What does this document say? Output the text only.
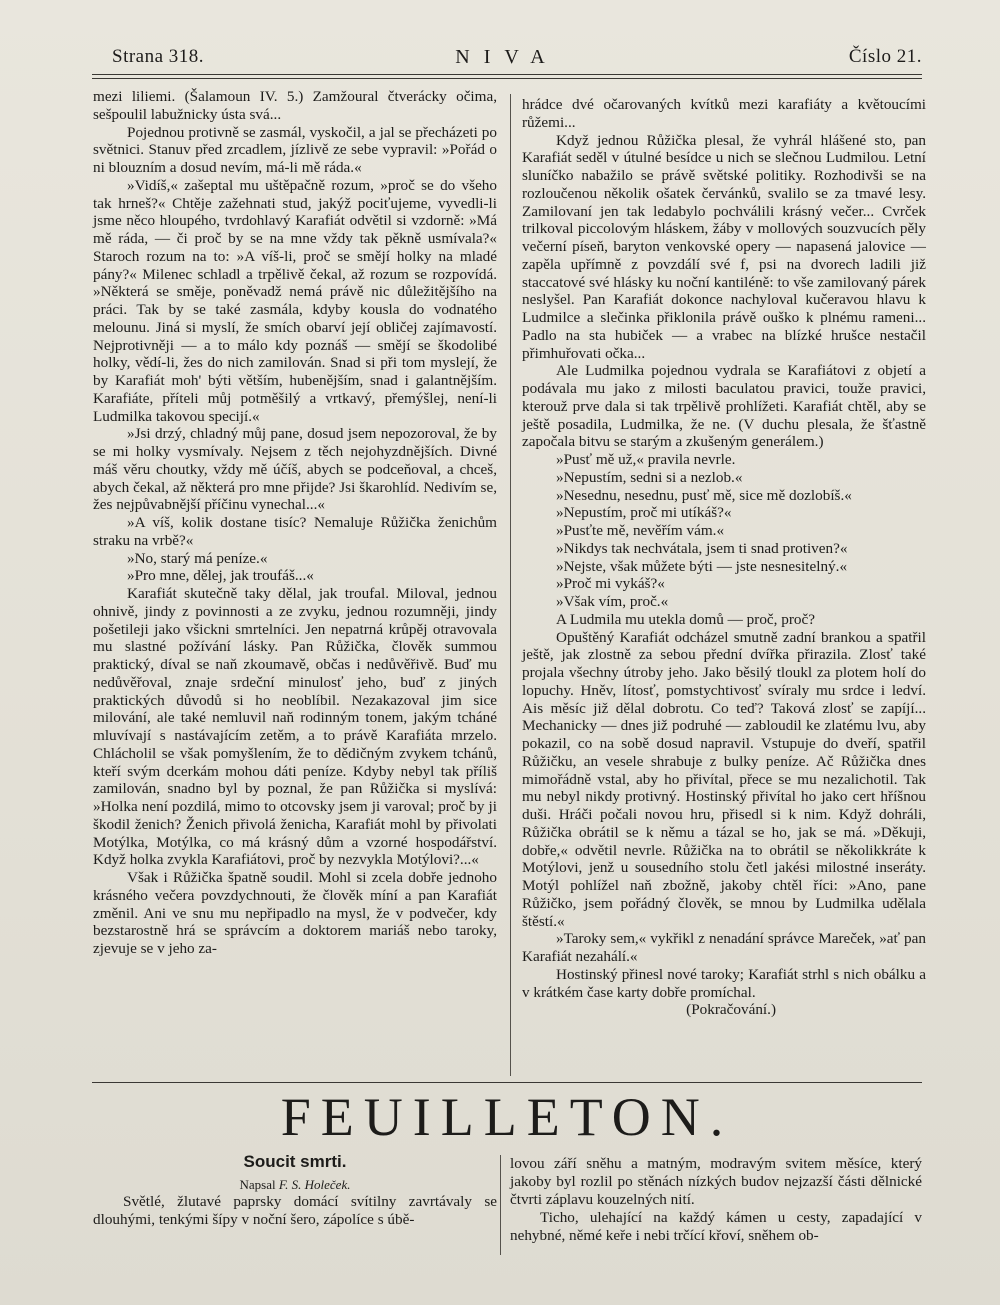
Strana 318.	NIVA	Číslo 21.

mezi liliemi. (Šalamoun IV. 5.) Zamžoural čtverácky očima, sešpoulil labužnicky ústa svá...

Pojednou protivně se zasmál, vyskočil, a jal se přecházeti po světnici. Stanuv před zrcadlem, jízlivě ze sebe vypravil: »Pořád o ni blouzním a dosud nevím, má-li mě ráda.«

»Vidíš,« zašeptal mu uštěpačně rozum, »proč se do všeho tak hrneš?« Chtěje zažehnati stud, jakýž pociťujeme, vyvedli-li jsme něco hloupého, tvrdohlavý Karafiát odvětil si vzdorně: »Má mě ráda, — či proč by se na mne vždy tak pěkně usmívala?« Staroch rozum na to: »A víš-li, proč se smějí holky na mladé pány?« Milenec schladl a trpělivě čekal, až rozum se rozpovídá. »Některá se směje, poněvadž nemá právě nic důležitějšího na práci. Tak by se také zasmála, kdyby kousla do vodnatého melounu. Jiná si myslí, že smích obarví její obličej zajímavostí. Nejprotivněji — a to málo kdy poznáš — smějí se škodolibé holky, vědí-li, žes do nich zamilován. Snad si při tom myslejí, že by Karafiát moh' býti větším, hubenějším, snad i galantnějším. Karafiáte, příteli můj potměšilý a vrtkavý, přemýšlej, není-li Ludmilka takovou specijí.«

»Jsi drzý, chladný můj pane, dosud jsem nepozoroval, že by se mi holky vysmívaly. Nejsem z těch nejohyzdnějších. Divné máš věru choutky, vždy mě účíš, abych se podceňoval, a chceš, abych čekal, až některá pro mne přijde? Jsi škarohlíd. Nedivím se, žes nejpůvabnější příčinu vynechal...«

»A víš, kolik dostane tisíc? Nemaluje Růžička ženichům straku na vrbě?«

»No, starý má peníze.«

»Pro mne, dělej, jak troufáš...«

Karafiát skutečně taky dělal, jak troufal. Miloval, jednou ohnivě, jindy z povinnosti a ze zvyku, jednou rozumněji, jindy pošetileji jako všickni smrtelníci. Jen nepatrná krůpěj otravovala mu slastné požívání lásky. Pan Růžička, člověk summou praktický, díval se naň zkoumavě, občas i nedůvěřivě. Buď mu nedůvěřoval, znaje srdeční minulosť jeho, buď z jiných praktických důvodů si ho neoblíbil. Nezakazoval jim sice milování, ale také nemluvil naň rodinným tonem, jakým tcháné mluvívají s nastávajícím zetěm, a to právě Karafiáta mrzelo. Chlácholil se však pomyšlením, že to dědičným zvykem tchánů, kteří svým dcerkám mohou dáti peníze. Kdyby nebyl tak příliš zamilován, snadno byl by poznal, že pan Růžička si myslívá: »Holka není pozdilá, mimo to otcovsky jsem ji varoval; proč by ji škodil ženich? Ženich přivolá ženicha, Karafiát mohl by přivolati Motýlka, Motýlka, co má krásný dům a vzorné hospodářství. Když holka zvykla Karafiátovi, proč by nezvykla Motýlovi?...«

Však i Růžička špatně soudil. Mohl si zcela dobře jednoho krásného večera povzdychnouti, že člověk míní a pan Karafiát změnil. Ani ve snu mu nepřipadlo na mysl, že v podvečer, kdy bezstarostně hrá se správcím a doktorem mariáš nebo taroky, zjevuje se v jeho za-

hrádce dvé očarovaných kvítků mezi karafiáty a květoucími růžemi...

Když jednou Růžička plesal, že vyhrál hlášené sto, pan Karafiát seděl v útulné besídce u nich se slečnou Ludmilou. Letní sluníčko nabažilo se právě světské politiky. Rozhodivši se na rozloučenou několik ošatek červánků, svalilo se za tmavé lesy. Zamilovaní jen tak ledabylo pochválili krásný večer... Cvrček trilkoval piccolovým hláskem, žáby v mollových souzvucích pěly večerní píseň, baryton venkovské opery — napasená jalovice — zapěla upřímně z povzdálí své f, psi na dvorech ladili již staccatové své hlásky ku noční kantiléně: to vše zamilovaný párek neslyšel. Pan Karafiát dokonce nachyloval kučeravou hlavu k Ludmilce a slečinka přiklonila právě ouško k plnému rameni... Padlo na sta hubiček — a vrabec na blízké hrušce nestačil přimhuřovati očka...

Ale Ludmilka pojednou vydrala se Karafiátovi z objetí a podávala mu jako z milosti baculatou pravici, touže pravici, kterouž prve dala si tak trpělivě prohlížeti. Karafiát chtěl, aby se ještě posadila, Ludmilka, že ne. (V duchu plesala, že šťastně započala bitvu se starým a zkušeným generálem.)

»Pusť mě už,« pravila nevrle.

»Nepustím, sedni si a nezlob.«

»Nesednu, nesednu, pusť mě, sice mě dozlobíš.«

»Nepustím, proč mi utíkáš?«

»Pusťte mě, nevěřím vám.«

»Nikdys tak nechvátala, jsem ti snad protiven?«

»Nejste, však můžete býti — jste nesnesitelný.«

»Proč mi vykáš?«

»Však vím, proč.«

A Ludmila mu utekla domů — proč, proč?

Opuštěný Karafiát odcházel smutně zadní brankou a spatřil ještě, jak zlostně za sebou přední dvířka přirazila. Zlosť také projala všechny útroby jeho. Jako běsilý tloukl za plotem holí do lopuchy. Hněv, lítosť, pomstychtivosť svíraly mu srdce i ledví. Ais měsíc již dělal dobrotu. Co teď? Taková zlosť se zapíjí... Mechanicky — dnes již podruhé — zabloudil ke zlatému lvu, aby pokazil, co na sobě dosud napravil. Vstupuje do dveří, spatřil Růžičku, an vesele shrabuje z bulky peníze. Ač Růžička dnes mimořádně vstal, aby ho přivítal, přece se mu nezalichotil. Tak mu nebyl nikdy protivný. Hostinský přivítal ho jako cert hříšnou duši. Hráči počali novou hru, přisedl si k nim. Když dohráli, Růžička obrátil se k němu a tázal se ho, jak se má. »Děkuji, dobře,« odvětil nevrle. Růžička na to obrátil se několikkráte k Motýlovi, jenž u sousedního stolu četl jakési milostné inseráty. Motýl pohlížel naň zbožně, jakoby chtěl říci: »Ano, pane Růžičko, jsem pořádný člověk, se mnou by Ludmilka udělala štěstí.«

»Taroky sem,« vykřikl z nenadání správce Mareček, »ať pan Karafiát nezahálí.«

Hostinský přinesl nové taroky; Karafiát strhl s nich obálku a v krátkém čase karty dobře promíchal.

(Pokračování.)

FEUILLETON.
Soucit smrti.
Napsal F. S. Holeček.

Světlé, žlutavé paprsky domácí svítilny zavrtávaly se dlouhými, tenkými šípy v noční šero, zápolíce s úbě-

lovou září sněhu a matným, modravým svitem měsíce, který jakoby byl rozlil po stěnách nízkých budov nejzazší části dělnické čtvrti záplavu kouzelných nití.

Ticho, ulehající na každý kámen u cesty, zapadající v nehybné, němé keře i nebi trčící křoví, sněhem ob-
